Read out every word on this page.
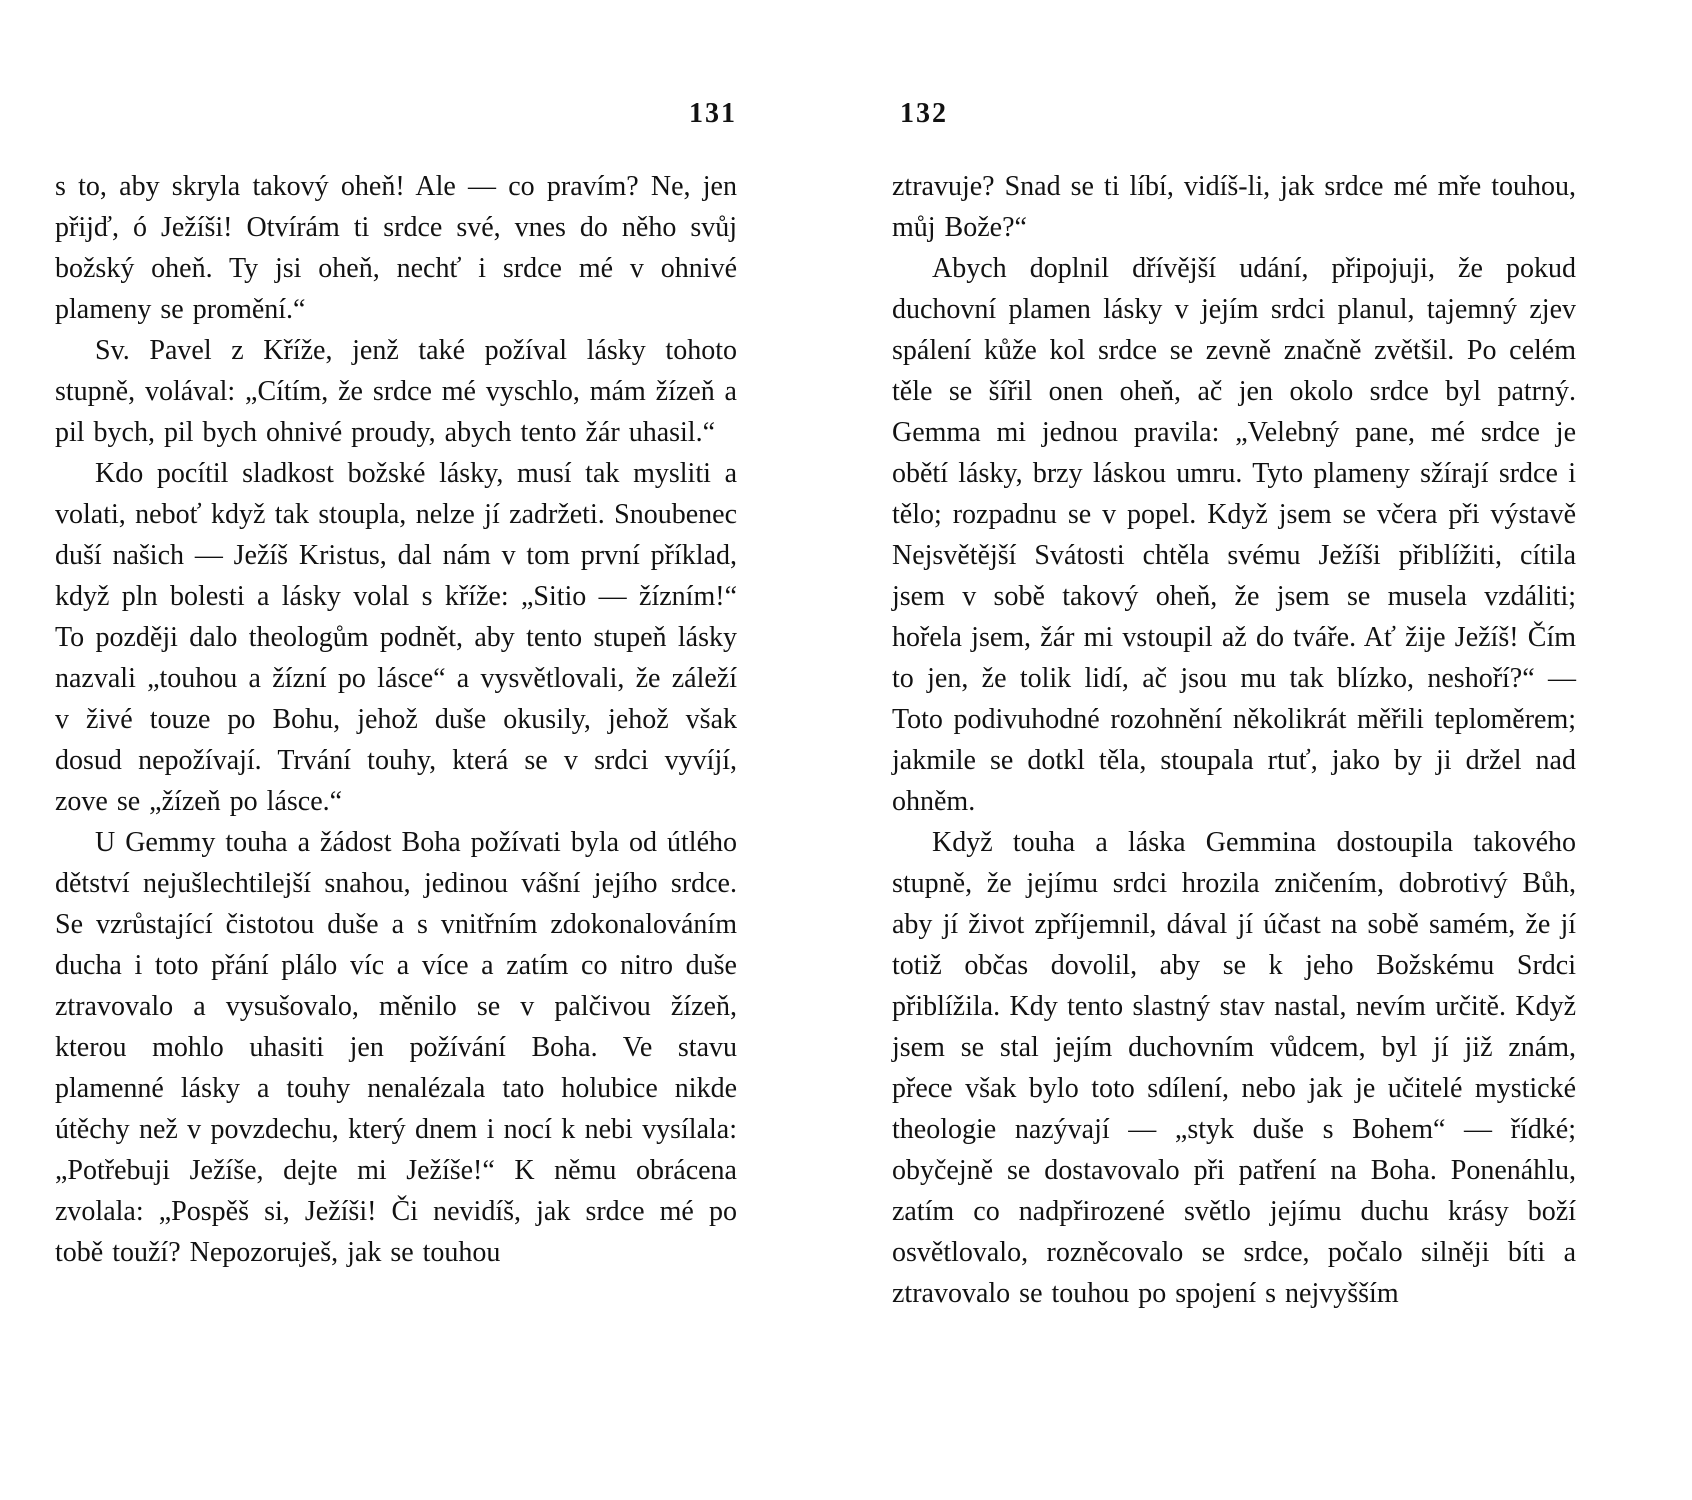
131

s to, aby skryla takový oheň! Ale — co pravím? Ne, jen přijď, ó Ježíši! Otvírám ti srdce své, vnes do něho svůj božský oheň. Ty jsi oheň, nechť i srdce mé v ohnivé plameny se promění.“

Sv. Pavel z Kříže, jenž také požíval lásky tohoto stupně, volával: „Cítím, že srdce mé vyschlo, mám žízeň a pil bych, pil bych ohnivé proudy, abych tento žár uhasil.“

Kdo pocítil sladkost božské lásky, musí tak mysliti a volati, neboť když tak stoupla, nelze jí zadržeti. Snoubenec duší našich — Ježíš Kristus, dal nám v tom první příklad, když pln bolesti a lásky volal s kříže: „Sitio — žízním!“ To později dalo theologům podnět, aby tento stupeň lásky nazvali „touhou a žízní po lásce“ a vysvětlovali, že záleží v živé touze po Bohu, jehož duše okusily, jehož však dosud nepožívají. Trvání touhy, která se v srdci vyvíjí, zove se „žízeň po lásce.“

U Gemmy touha a žádost Boha požívati byla od útlého dětství nejušlechtilejší snahou, jedinou vášní jejího srdce. Se vzrůstající čistotou duše a s vnitřním zdokonalováním ducha i toto přání plálo víc a více a zatím co nitro duše ztravovalo a vysušovalo, měnilo se v palčivou žízeň, kterou mohlo uhasiti jen požívání Boha. Ve stavu plamenné lásky a touhy nenalézala tato holubice nikde útěchy než v povzdechu, který dnem i nocí k nebi vysílala: „Potřebuji Ježíše, dejte mi Ježíše!“ K němu obrácena zvolala: „Pospěš si, Ježíši! Či nevidíš, jak srdce mé po tobě touží? Nepozoruješ, jak se touhou

132

ztravuje? Snad se ti líbí, vidíš-li, jak srdce mé mře touhou, můj Bože?“

Abych doplnil dřívější udání, připojuji, že pokud duchovní plamen lásky v jejím srdci planul, tajemný zjev spálení kůže kol srdce se zevně značně zvětšil. Po celém těle se šířil onen oheň, ač jen okolo srdce byl patrný. Gemma mi jednou pravila: „Velebný pane, mé srdce je obětí lásky, brzy láskou umru. Tyto plameny sžírají srdce i tělo; rozpadnu se v popel. Když jsem se včera při výstavě Nejsvětější Svátosti chtěla svému Ježíši přiblížiti, cítila jsem v sobě takový oheň, že jsem se musela vzdáliti; hořela jsem, žár mi vstoupil až do tváře. Ať žije Ježíš! Čím to jen, že tolik lidí, ač jsou mu tak blízko, neshoří?“ — Toto podivuhodné rozohnění několikrát měřili teploměrem; jakmile se dotkl těla, stoupala rtuť, jako by ji držel nad ohněm.

Když touha a láska Gemmina dostoupila takového stupně, že jejímu srdci hrozila zničením, dobrotivý Bůh, aby jí život zpříjemnil, dával jí účast na sobě samém, že jí totiž občas dovolil, aby se k jeho Božskému Srdci přiblížila. Kdy tento slastný stav nastal, nevím určitě. Když jsem se stal jejím duchovním vůdcem, byl jí již znám, přece však bylo toto sdílení, nebo jak je učitelé mystické theologie nazývají — „styk duše s Bohem“ — řídké; obyčejně se dostavovalo při patření na Boha. Ponenáhlu, zatím co nadpřirozené světlo jejímu duchu krásy boží osvětlovalo, rozněcovalo se srdce, počalo silněji bíti a ztravovalo se touhou po spojení s nejvyšším
